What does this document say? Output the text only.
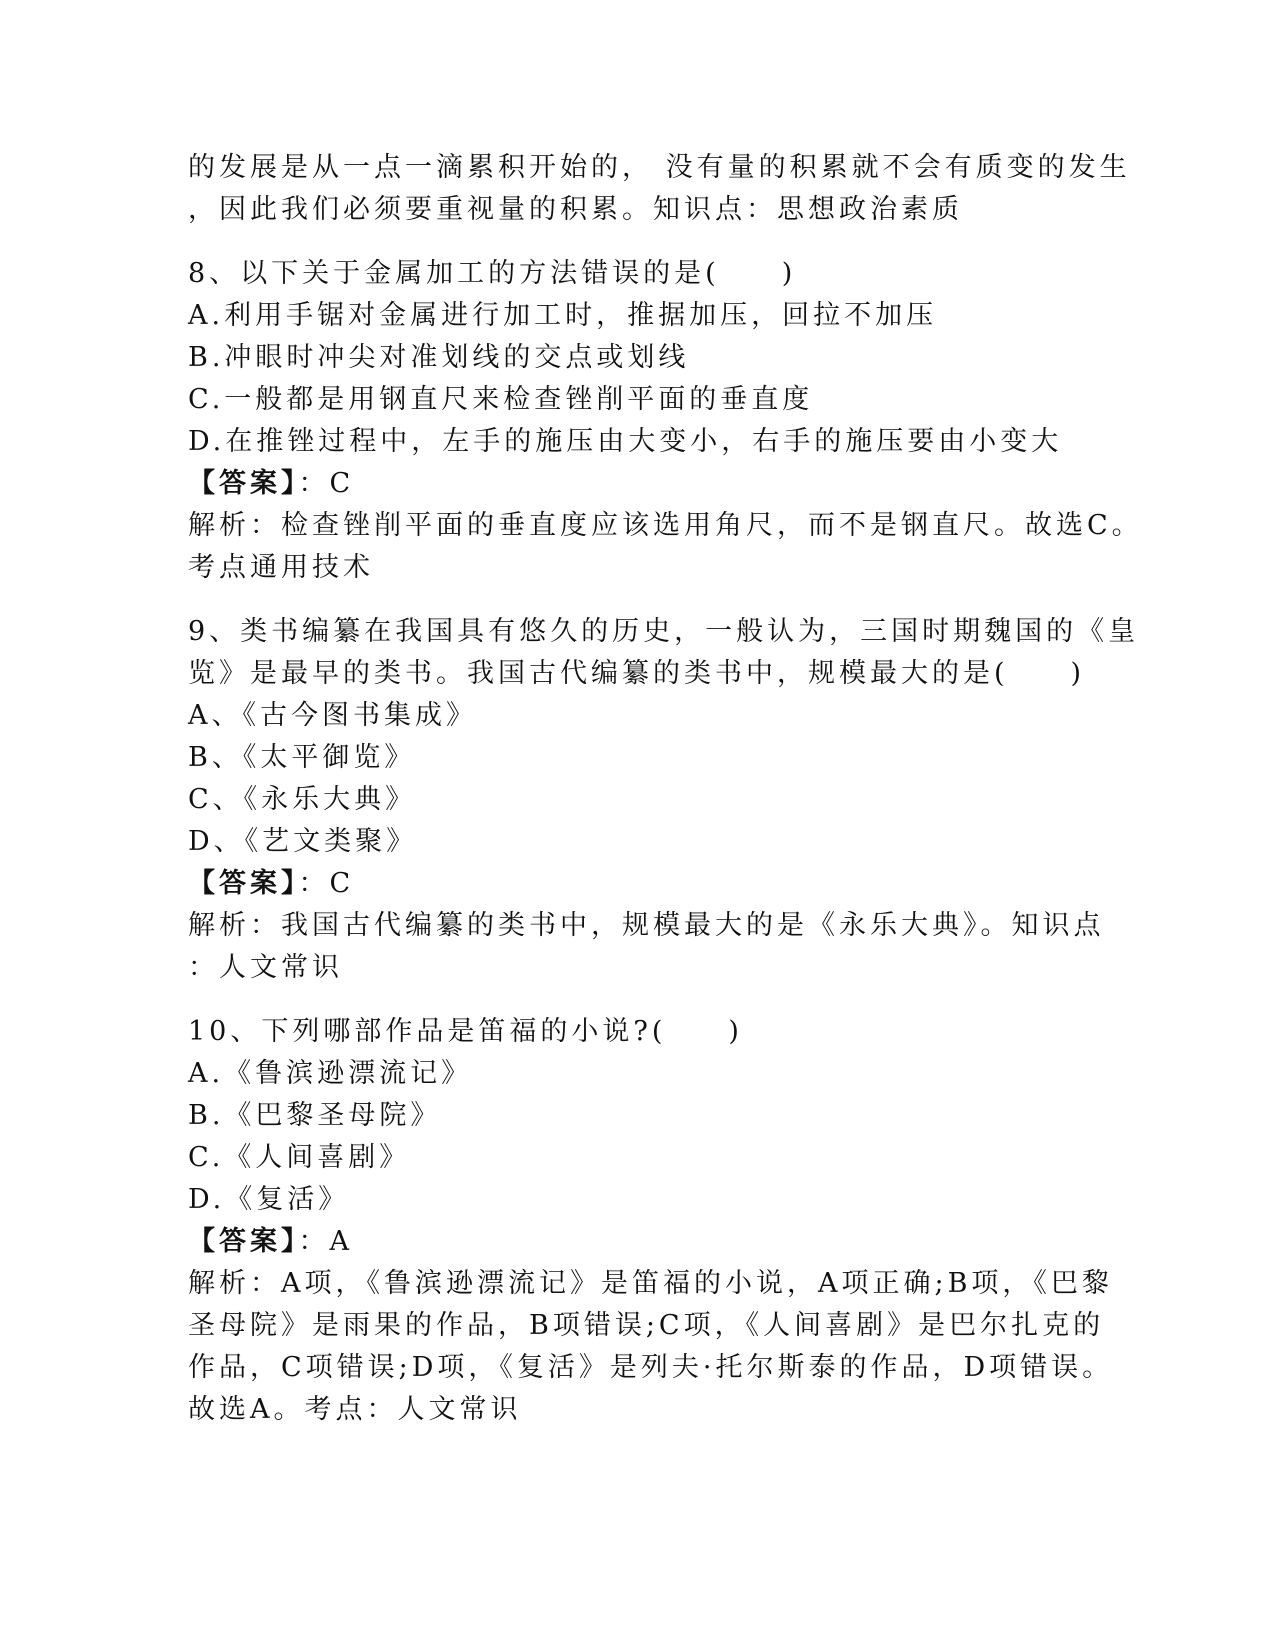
的发展是从一点一滴累积开始的， 没有量的积累就不会有质变的发生
，因此我们必须要重视量的积累。知识点：思想政治素质
8、以下关于金属加工的方法错误的是(　　)
A.利用手锯对金属进行加工时，推据加压，回拉不加压
B.冲眼时冲尖对准划线的交点或划线
C.一般都是用钢直尺来检查锉削平面的垂直度
D.在推锉过程中，左手的施压由大变小，右手的施压要由小变大
【答案】：C
解析：检查锉削平面的垂直度应该选用角尺，而不是钢直尺。故选C。
考点通用技术
9、类书编纂在我国具有悠久的历史，一般认为，三国时期魏国的《皇
览》是最早的类书。我国古代编纂的类书中，规模最大的是(　　)
A、《古今图书集成》
B、《太平御览》
C、《永乐大典》
D、《艺文类聚》
【答案】：C
解析：我国古代编纂的类书中，规模最大的是《永乐大典》。知识点
：人文常识
10、下列哪部作品是笛福的小说?(　　)
A.《鲁滨逊漂流记》
B.《巴黎圣母院》
C.《人间喜剧》
D.《复活》
【答案】：A
解析：A项，《鲁滨逊漂流记》是笛福的小说，A项正确;B项，《巴黎
圣母院》是雨果的作品，B项错误;C项，《人间喜剧》是巴尔扎克的
作品，C项错误;D项，《复活》是列夫·托尔斯泰的作品，D项错误。
故选A。考点：人文常识
